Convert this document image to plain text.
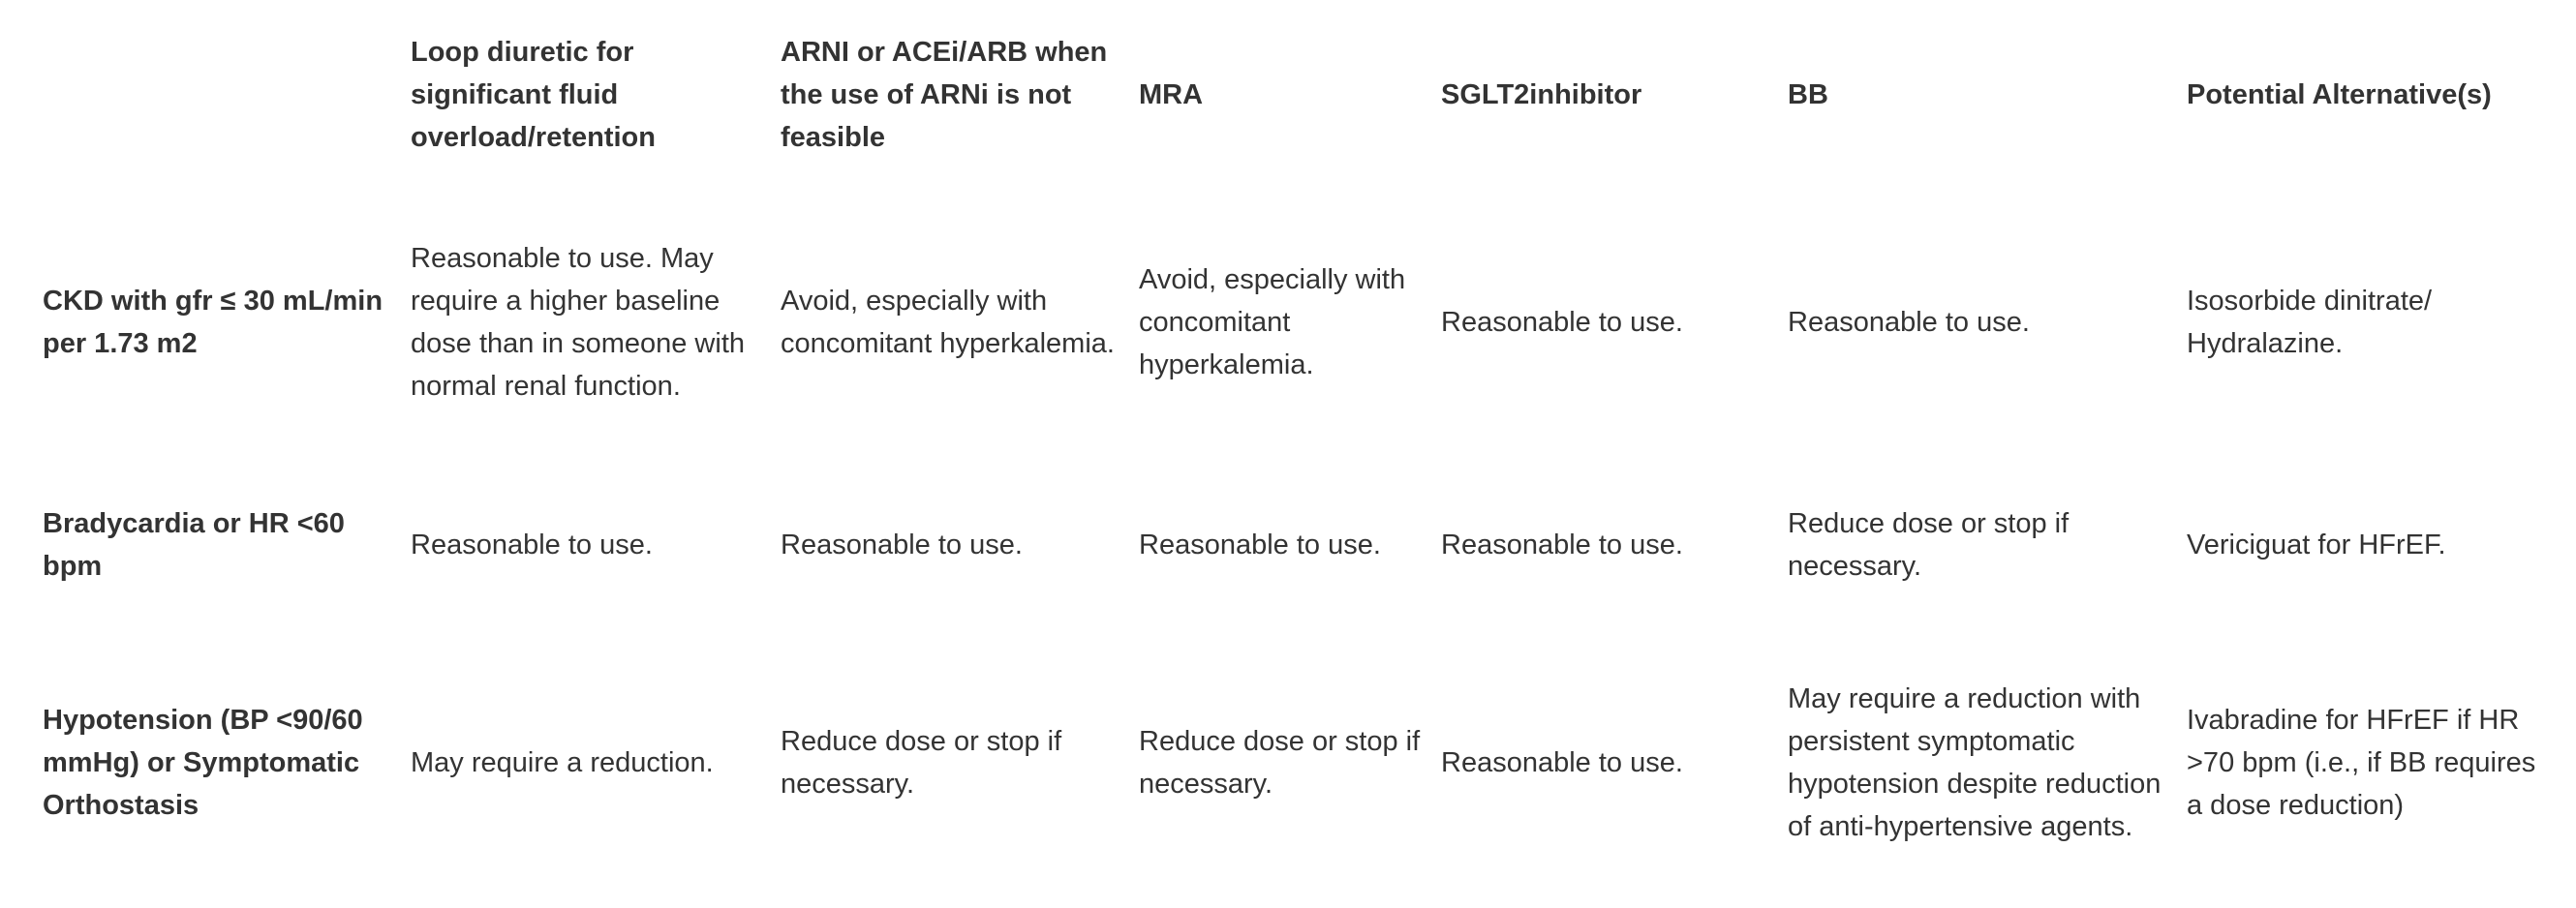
	Loop diuretic for significant fluid overload/retention	ARNI or ACEi/ARB when the use of ARNi is not feasible	MRA	SGLT2inhibitor	BB	Potential Alternative(s)
CKD with gfr ≤ 30 mL/min per 1.73 m2	Reasonable to use. May require a higher baseline dose than in someone with normal renal function.	Avoid, especially with concomitant hyperkalemia.	Avoid, especially with concomitant hyperkalemia.	Reasonable to use.	Reasonable to use.	Isosorbide dinitrate/ Hydralazine.
Bradycardia or HR <60 bpm	Reasonable to use.	Reasonable to use.	Reasonable to use.	Reasonable to use.	Reduce dose or stop if necessary.	Vericiguat for HFrEF.
Hypotension (BP <90/60 mmHg) or Symptomatic Orthostasis	May require a reduction.	Reduce dose or stop if necessary.	Reduce dose or stop if necessary.	Reasonable to use.	May require a reduction with persistent symptomatic hypotension despite reduction of anti-hypertensive agents.	Ivabradine for HFrEF if HR >70 bpm (i.e., if BB requires a dose reduction)
